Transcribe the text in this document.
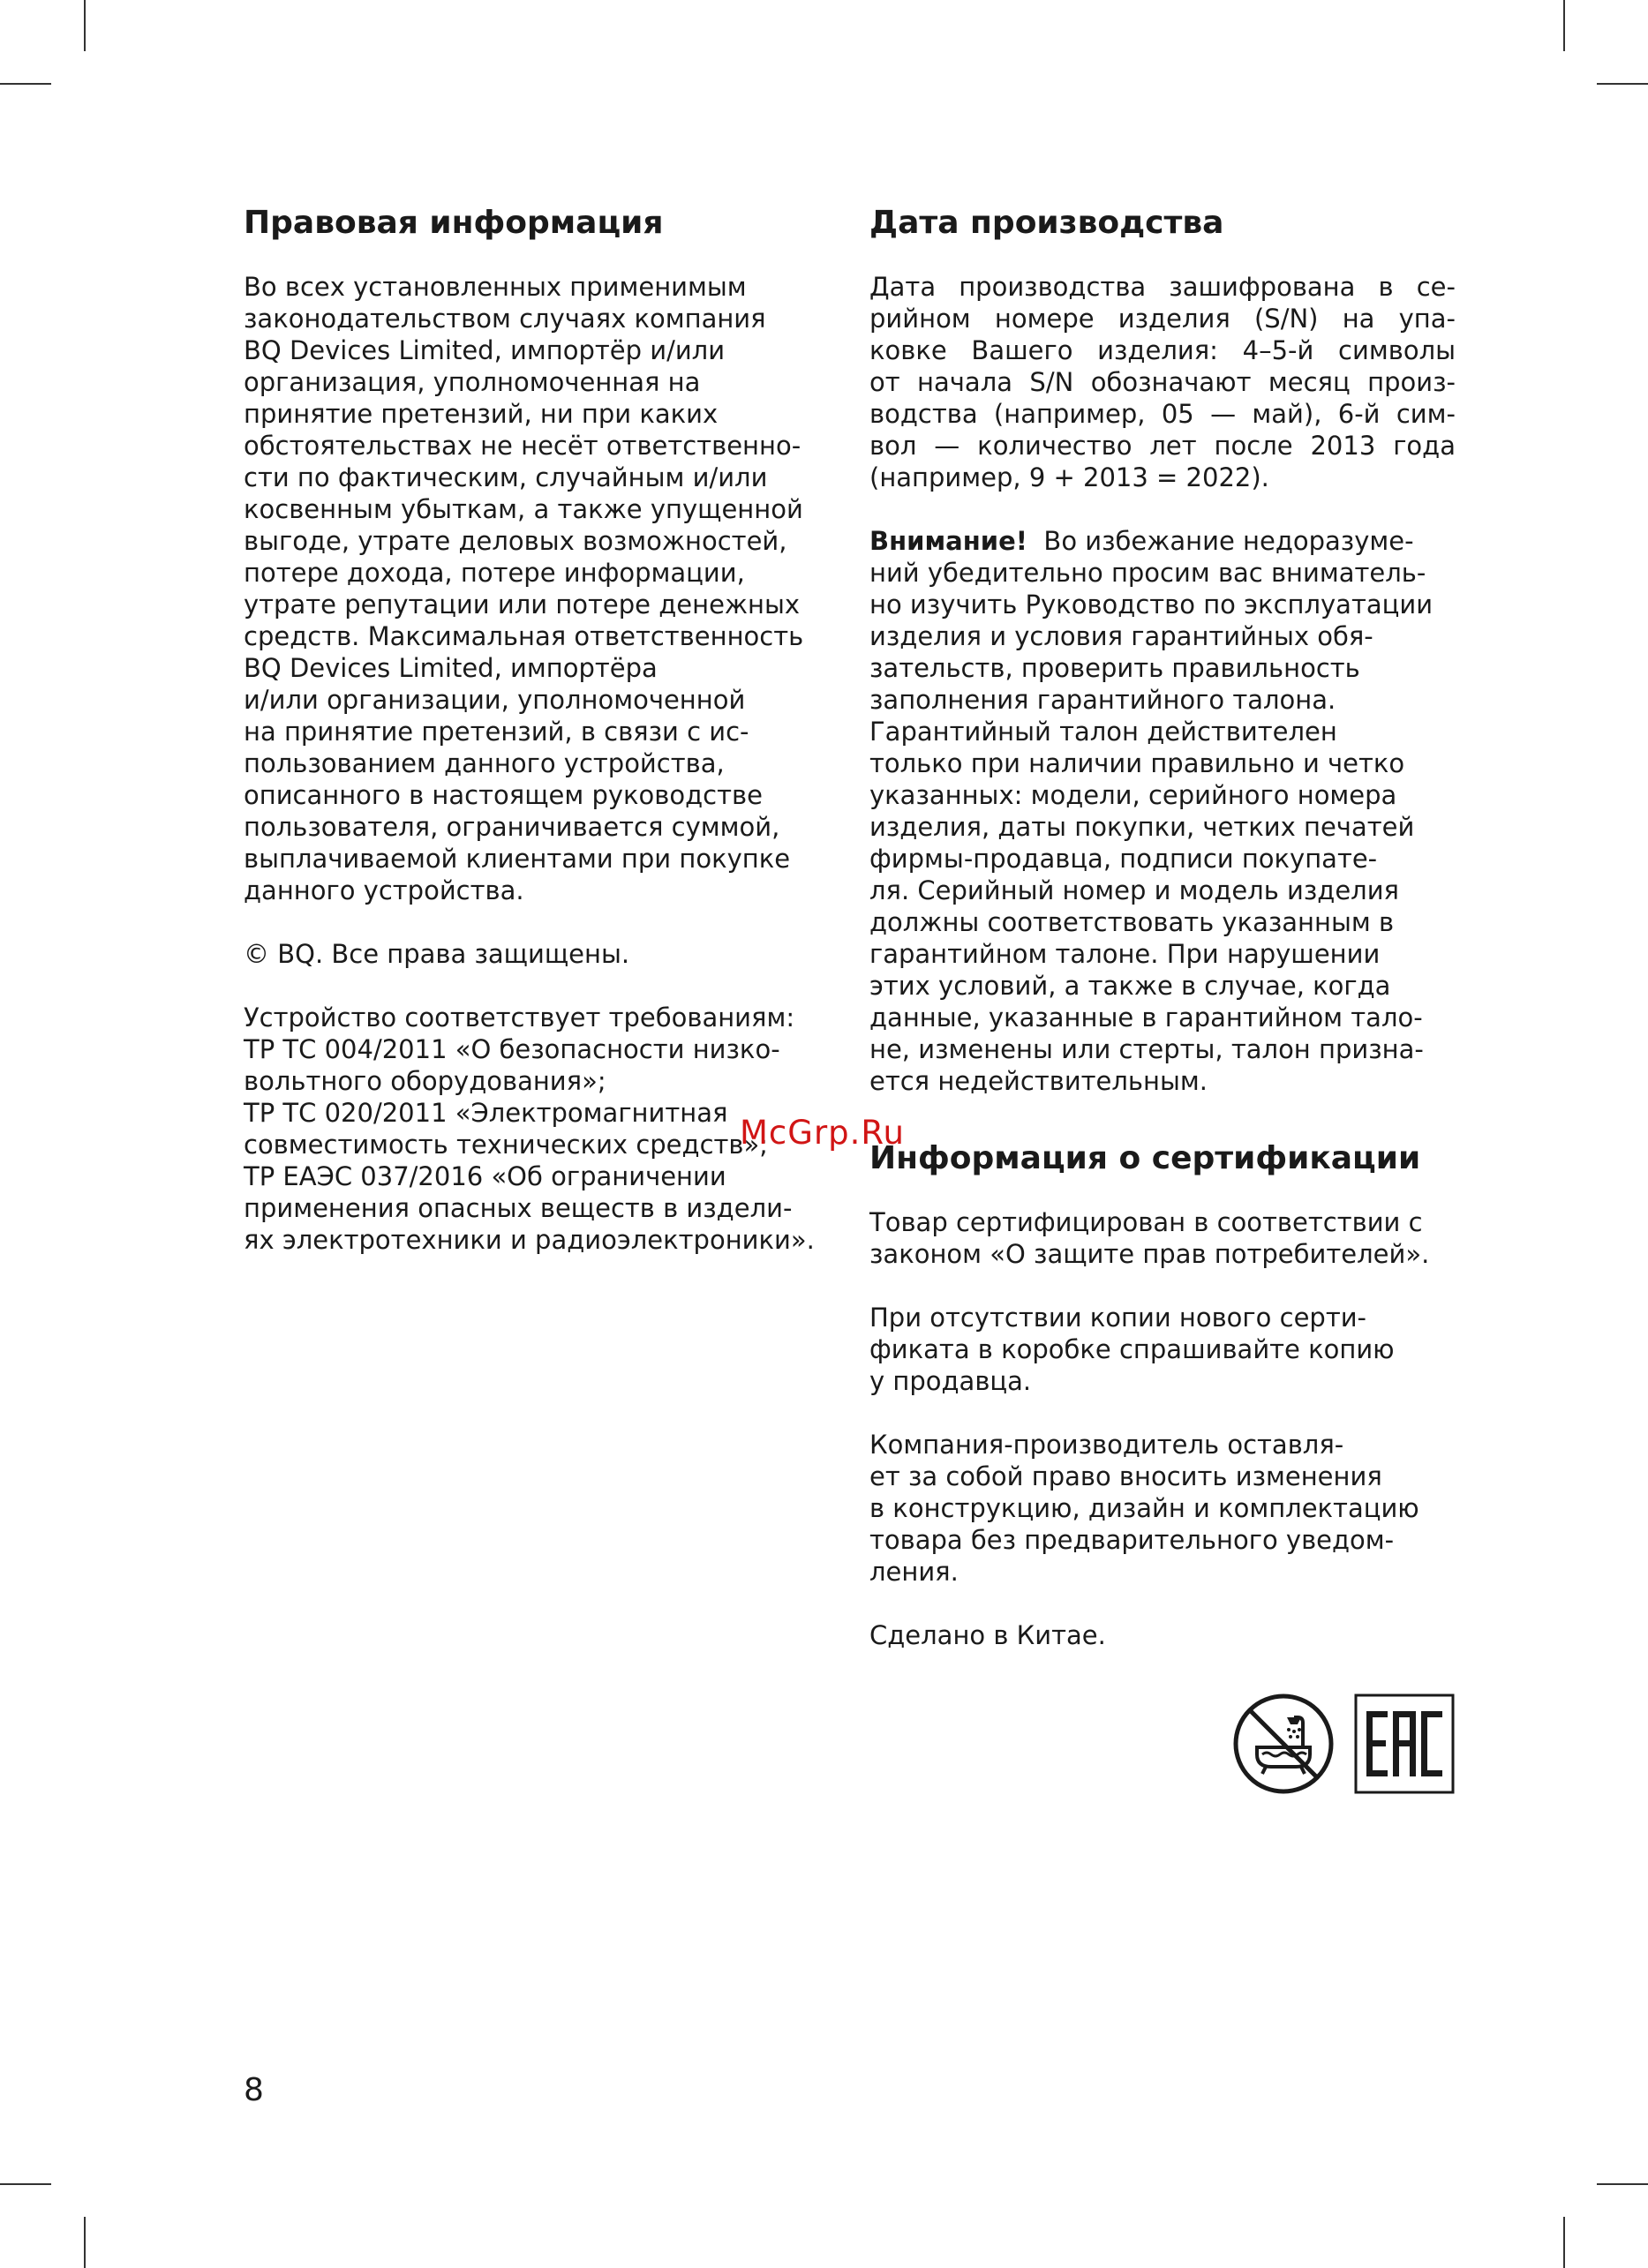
Правовая информация
Во всех установленных применимым
законодательством случаях компания
BQ Devices Limited, импортёр и/или
организация, уполномоченная на
принятие претензий, ни при каких
обстоятельствах не несёт ответственно-
сти по фактическим, случайным и/или
косвенным убыткам, а также упущенной
выгоде, утрате деловых возможностей,
потере дохода, потере информации,
утрате репутации или потере денежных
средств. Максимальная ответственность
BQ Devices Limited, импортёра
и/или организации, уполномоченной
на принятие претензий, в связи с ис-
пользованием данного устройства,
описанного в настоящем руководстве
пользователя, ограничивается суммой,
выплачиваемой клиентами при покупке
данного устройства.
© BQ. Все права защищены.
Устройство соответствует требованиям:
ТР ТС 004/2011 «О безопасности низко-
вольтного оборудования»;
ТР ТС 020/2011 «Электромагнитная
совместимость технических средств»;
ТР ЕАЭС 037/2016 «Об ограничении
применения опасных веществ в издели-
ях электротехники и радиоэлектроники».
Дата производства
Дата производства зашифрована в се-
рийном номере изделия (S/N) на упа-
ковке Вашего изделия: 4–5-й символы
от начала S/N обозначают месяц произ-
водства (например, 05 — май), 6-й сим-
вол — количество лет после 2013 года
(например, 9 + 2013 = 2022).
Внимание! Во избежание недоразуме-
ний убедительно просим вас вниматель-
но изучить Руководство по эксплуатации
изделия и условия гарантийных обя-
зательств, проверить правильность
заполнения гарантийного талона.
Гарантийный талон действителен
только при наличии правильно и четко
указанных: модели, серийного номера
изделия, даты покупки, четких печатей
фирмы-продавца, подписи покупате-
ля. Серийный номер и модель изделия
должны соответствовать указанным в
гарантийном талоне. При нарушении
этих условий, а также в случае, когда
данные, указанные в гарантийном тало-
не, изменены или стерты, талон призна-
ется недействительным.
Информация о сертификации
Товар сертифицирован в соответствии с
законом «О защите прав потребителей».
При отсутствии копии нового серти-
фиката в коробке спрашивайте копию
у продавца.
Компания-производитель оставля-
ет за собой право вносить изменения
в конструкцию, дизайн и комплектацию
товара без предварительного уведом-
ления.
Сделано в Китае.
McGrp.Ru
8
